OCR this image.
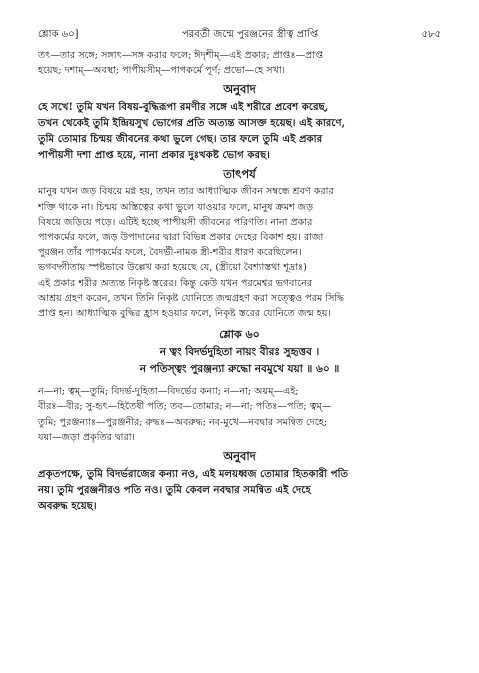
শ্লোক ৬০]	পরবর্তী জন্মে পুরঞ্জনের স্ত্রীত্ব প্রাপ্তি	৫৮৫

তৎ—তার সঙ্গে; সঙ্গাৎ—সঙ্গ করার ফলে; ঈদৃশীম্—এই প্রকার; প্রাপ্তঃ—প্রাপ্ত

হয়েছ; দশাম্—অবস্থা; পাপীয়সীম্—পাপকর্মে পূর্ণ; প্রভো—হে সখা।

অনুবাদ

হে সখে! তুমি যখন বিষয়-বুদ্ধিরূপা রমণীর সঙ্গে এই শরীরে প্রবেশ করেছ,

তখন থেকেই তুমি ইন্দ্রিয়সুখ ভোগের প্রতি অত্যন্ত আসক্ত হয়েছ। এই কারণে,

তুমি তোমার চিন্ময় জীবনের কথা ভুলে গেছ। তার ফলে তুমি এই প্রকার

পাপীয়সী দশা প্রাপ্ত হয়ে, নানা প্রকার দুঃখকষ্ট ভোগ করছ।

তাৎপর্য

মানুষ যখন জড় বিষয়ে মগ্ন হয়, তখন তার আধ্যাত্মিক জীবন সম্বন্ধে শ্রবণ করার

শক্তি থাকে না। চিন্ময় অস্তিত্বের কথা ভুলে যাওয়ার ফলে, মানুষ ক্রমশ জড়

বিষয়ে জড়িয়ে পড়ে। এটিই হচ্ছে পাপীয়সী জীবনের পরিণতি। নানা প্রকার

পাপকর্মের ফলে, জড় উপাদানের দ্বারা বিভিন্ন প্রকার দেহের বিকাশ হয়। রাজা

পুরঞ্জন তাঁর পাপকর্মের ফলে, বৈদর্ভী-নামক স্ত্রী-শরীর ধারণ করেছিলেন।

ভগবদ্গীতায় স্পষ্টভাবে উল্লেখ করা হয়েছে যে, (স্ত্রীয়ো বৈশ্যাস্তথা শূদ্রাঃ)

এই প্রকার শরীর অত্যন্ত নিকৃষ্ট স্তরের। কিন্তু কেউ যখন পরমেশ্বর ভগবানের

আশ্রয় গ্রহণ করেন, তখন তিনি নিকৃষ্ট যোনিতে জন্মগ্রহণ করা সত্ত্বেও পরম সিদ্ধি

প্রাপ্ত হন। আধ্যাত্মিক বুদ্ধির হ্রাস হওয়ার ফলে, নিকৃষ্ট স্তরের যোনিতে জন্ম হয়।

শ্লোক ৬০

ন ত্বং বিদর্ভদুহিতা নায়ং বীরঃ সুহৃত্তব ।

ন পতিস্ত্বং পুরঞ্জন্যা রুদ্ধো নবমুখে যয়া ॥ ৬০ ॥

ন—না; ত্বম্—তুমি; বিদর্ভ-দুহিতা—বিদর্ভের কন্যা; ন—না; অয়ম্—এই;

বীরঃ—বীর; সু-হৃৎ—হিতৈষী পতি; তব—তোমার; ন—না; পতিঃ—পতি; ত্বম্—

তুমি; পুরঞ্জন্যাঃ—পুরঞ্জনীর; রুদ্ধঃ—অবরুদ্ধ; নব-মুখে—নবদ্বার সমন্বিত দেহে;

যয়া—জড়া প্রকৃতির দ্বারা।

অনুবাদ

প্রকৃতপক্ষে, তুমি বিদর্ভরাজের কন্যা নও, এই মলয়ধ্বজ তোমার হিতকারী পতি

নয়। তুমি পুরঞ্জনীরও পতি নও। তুমি কেবল নবদ্বার সমন্বিত এই দেহে

অবরুদ্ধ হয়েছ।
